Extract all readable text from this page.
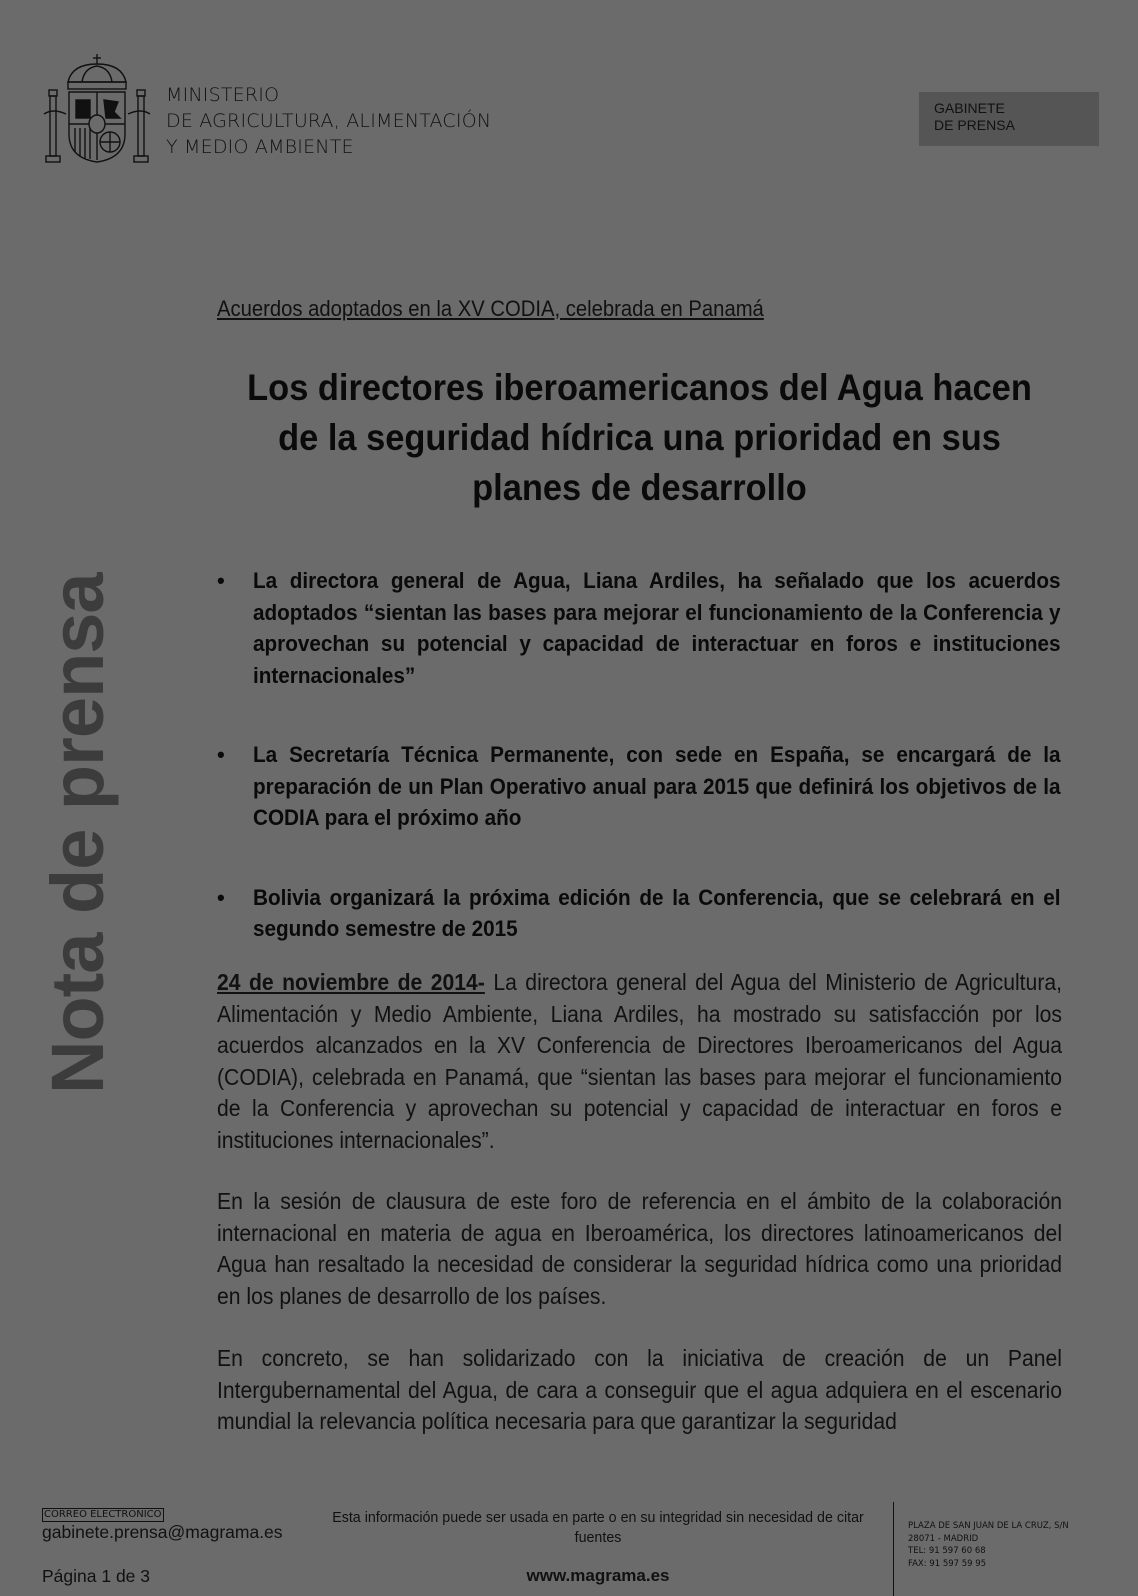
MINISTERIO
DE AGRICULTURA, ALIMENTACIÓN
Y MEDIO AMBIENTE
GABINETE
DE PRENSA
Nota de prensa
Acuerdos adoptados en la XV CODIA, celebrada en Panamá
Los directores iberoamericanos del Agua hacen de la seguridad hídrica una prioridad en sus planes de desarrollo
• La directora general de Agua, Liana Ardiles, ha señalado que los acuerdos adoptados “sientan las bases para mejorar el funcionamiento de la Conferencia y aprovechan su potencial y capacidad de interactuar en foros e instituciones internacionales”
• La Secretaría Técnica Permanente, con sede en España, se encargará de la preparación de un Plan Operativo anual para 2015 que definirá los objetivos de la CODIA para el próximo año
• Bolivia organizará la próxima edición de la Conferencia, que se celebrará en el segundo semestre de 2015
24 de noviembre de 2014- La directora general del Agua del Ministerio de Agricultura, Alimentación y Medio Ambiente, Liana Ardiles, ha mostrado su satisfacción por los acuerdos alcanzados en la XV Conferencia de Directores Iberoamericanos del Agua (CODIA), celebrada en Panamá, que “sientan las bases para mejorar el funcionamiento de la Conferencia y aprovechan su potencial y capacidad de interactuar en foros e instituciones internacionales”.
En la sesión de clausura de este foro de referencia en el ámbito de la colaboración internacional en materia de agua en Iberoamérica, los directores latinoamericanos del Agua han resaltado la necesidad de considerar la seguridad hídrica como una prioridad en los planes de desarrollo de los países.
En concreto, se han solidarizado con la iniciativa de creación de un Panel Intergubernamental del Agua, de cara a conseguir que el agua adquiera en el escenario mundial la relevancia política necesaria para que garantizar la seguridad
CORREO ELECTRÓNICO
gabinete.prensa@magrama.es
Página 1 de 3
Esta información puede ser usada en parte o en su integridad sin necesidad de citar fuentes
www.magrama.es
PLAZA DE SAN JUAN DE LA CRUZ, S/N
28071 - MADRID
TEL: 91 597 60 68
FAX: 91 597 59 95
